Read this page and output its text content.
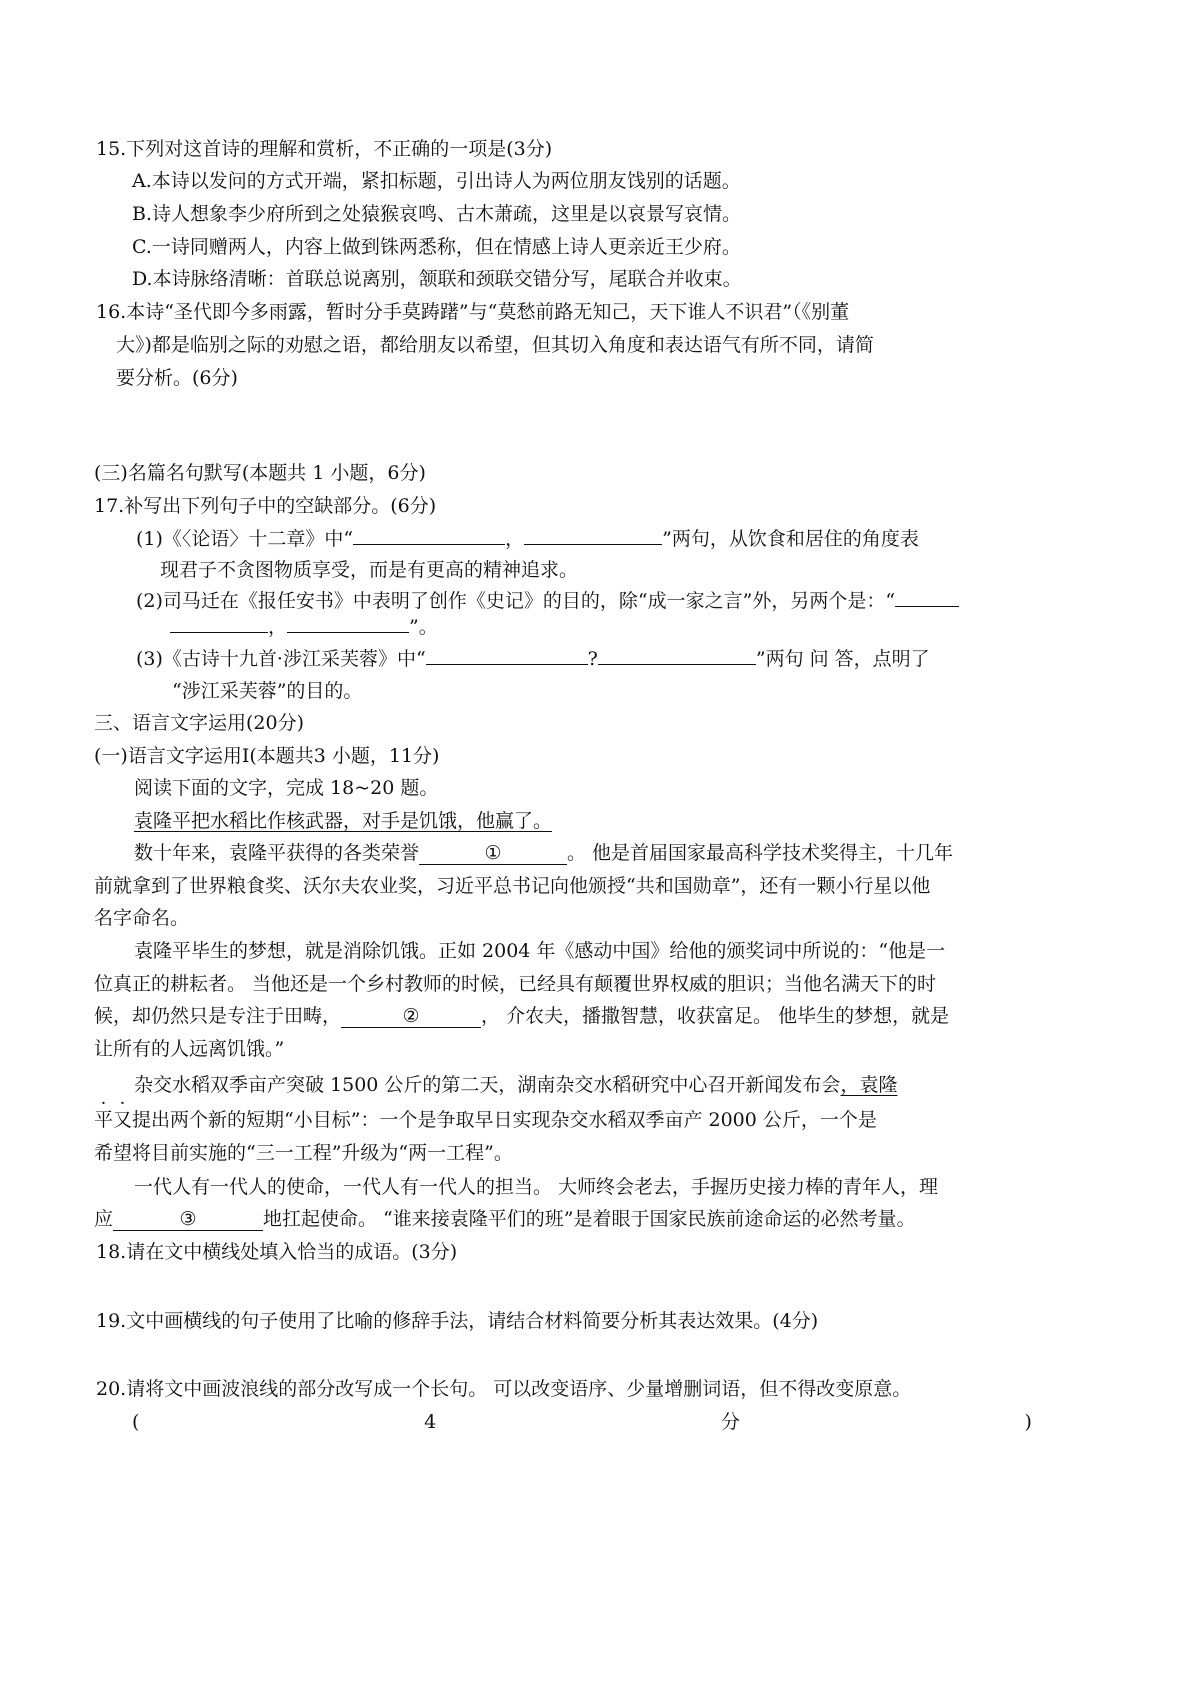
15.下列对这首诗的理解和赏析，不正确的一项是(3分)
A.本诗以发问的方式开端，紧扣标题，引出诗人为两位朋友饯别的话题。
B.诗人想象李少府所到之处猿猴哀鸣、古木萧疏，这里是以哀景写哀情。
C.一诗同赠两人，内容上做到铢两悉称，但在情感上诗人更亲近王少府。
D.本诗脉络清晰：首联总说离别，颔联和颈联交错分写，尾联合并收束。
16.本诗“圣代即今多雨露，暂时分手莫踌躇”与“莫愁前路无知己，天下谁人不识君”（《别董
大》)都是临别之际的劝慰之语，都给朋友以希望，但其切入角度和表达语气有所不同，请简
要分析。(6分)
(三)名篇名句默写(本题共 1 小题，6分)
17.补写出下列句子中的空缺部分。(6分)
(1)《〈论语〉十二章》中“	，	”两句，从饮食和居住的角度表
现君子不贪图物质享受，而是有更高的精神追求。
(2)司马迁在《报任安书》中表明了创作《史记》的目的，除“成一家之言”外，另两个是：“
，	”。
(3)《古诗十九首·涉江采芙蓉》中“	?	”两句 问 答，点明了
“涉江采芙蓉”的目的。
三、语言文字运用(20分)
(一)语言文字运用Ⅰ(本题共3 小题，11分)
阅读下面的文字，完成 18~20 题。
袁隆平把水稻比作核武器，对手是饥饿，他赢了。
数十年来，袁隆平获得的各类荣誉	①	。 他是首届国家最高科学技术奖得主，十几年
前就拿到了世界粮食奖、沃尔夫农业奖，习近平总书记向他颁授“共和国勋章”，还有一颗小行星以他
名字命名。
袁隆平毕生的梦想，就是消除饥饿。正如 2004 年《感动中国》给他的颁奖词中所说的：“他是一
位真正的耕耘者。 当他还是一个乡村教师的时候，已经具有颠覆世界权威的胆识；当他名满天下的时
候，却仍然只是专注于田畴，	②	， 介农夫，播撒智慧，收获富足。 他毕生的梦想，就是
让所有的人远离饥饿。”
杂交水稻双季亩产突破 1500 公斤的第二天，湖南杂交水稻研究中心召开新闻发布会，袁隆
平又提出两个新的短期“小目标”：一个是争取早日实现杂交水稻双季亩产 2000 公斤，一个是
希望将目前实施的“三一工程”升级为“两一工程”。
一代人有一代人的使命，一代人有一代人的担当。 大师终会老去，手握历史接力棒的青年人，理
应	③	地扛起使命。 “谁来接袁隆平们的班”是着眼于国家民族前途命运的必然考量。
18.请在文中横线处填入恰当的成语。(3分)
19.文中画横线的句子使用了比喻的修辞手法，请结合材料简要分析其表达效果。(4分)
20.请将文中画波浪线的部分改写成一个长句。 可以改变语序、少量增删词语，但不得改变原意。
(	4	分	)
